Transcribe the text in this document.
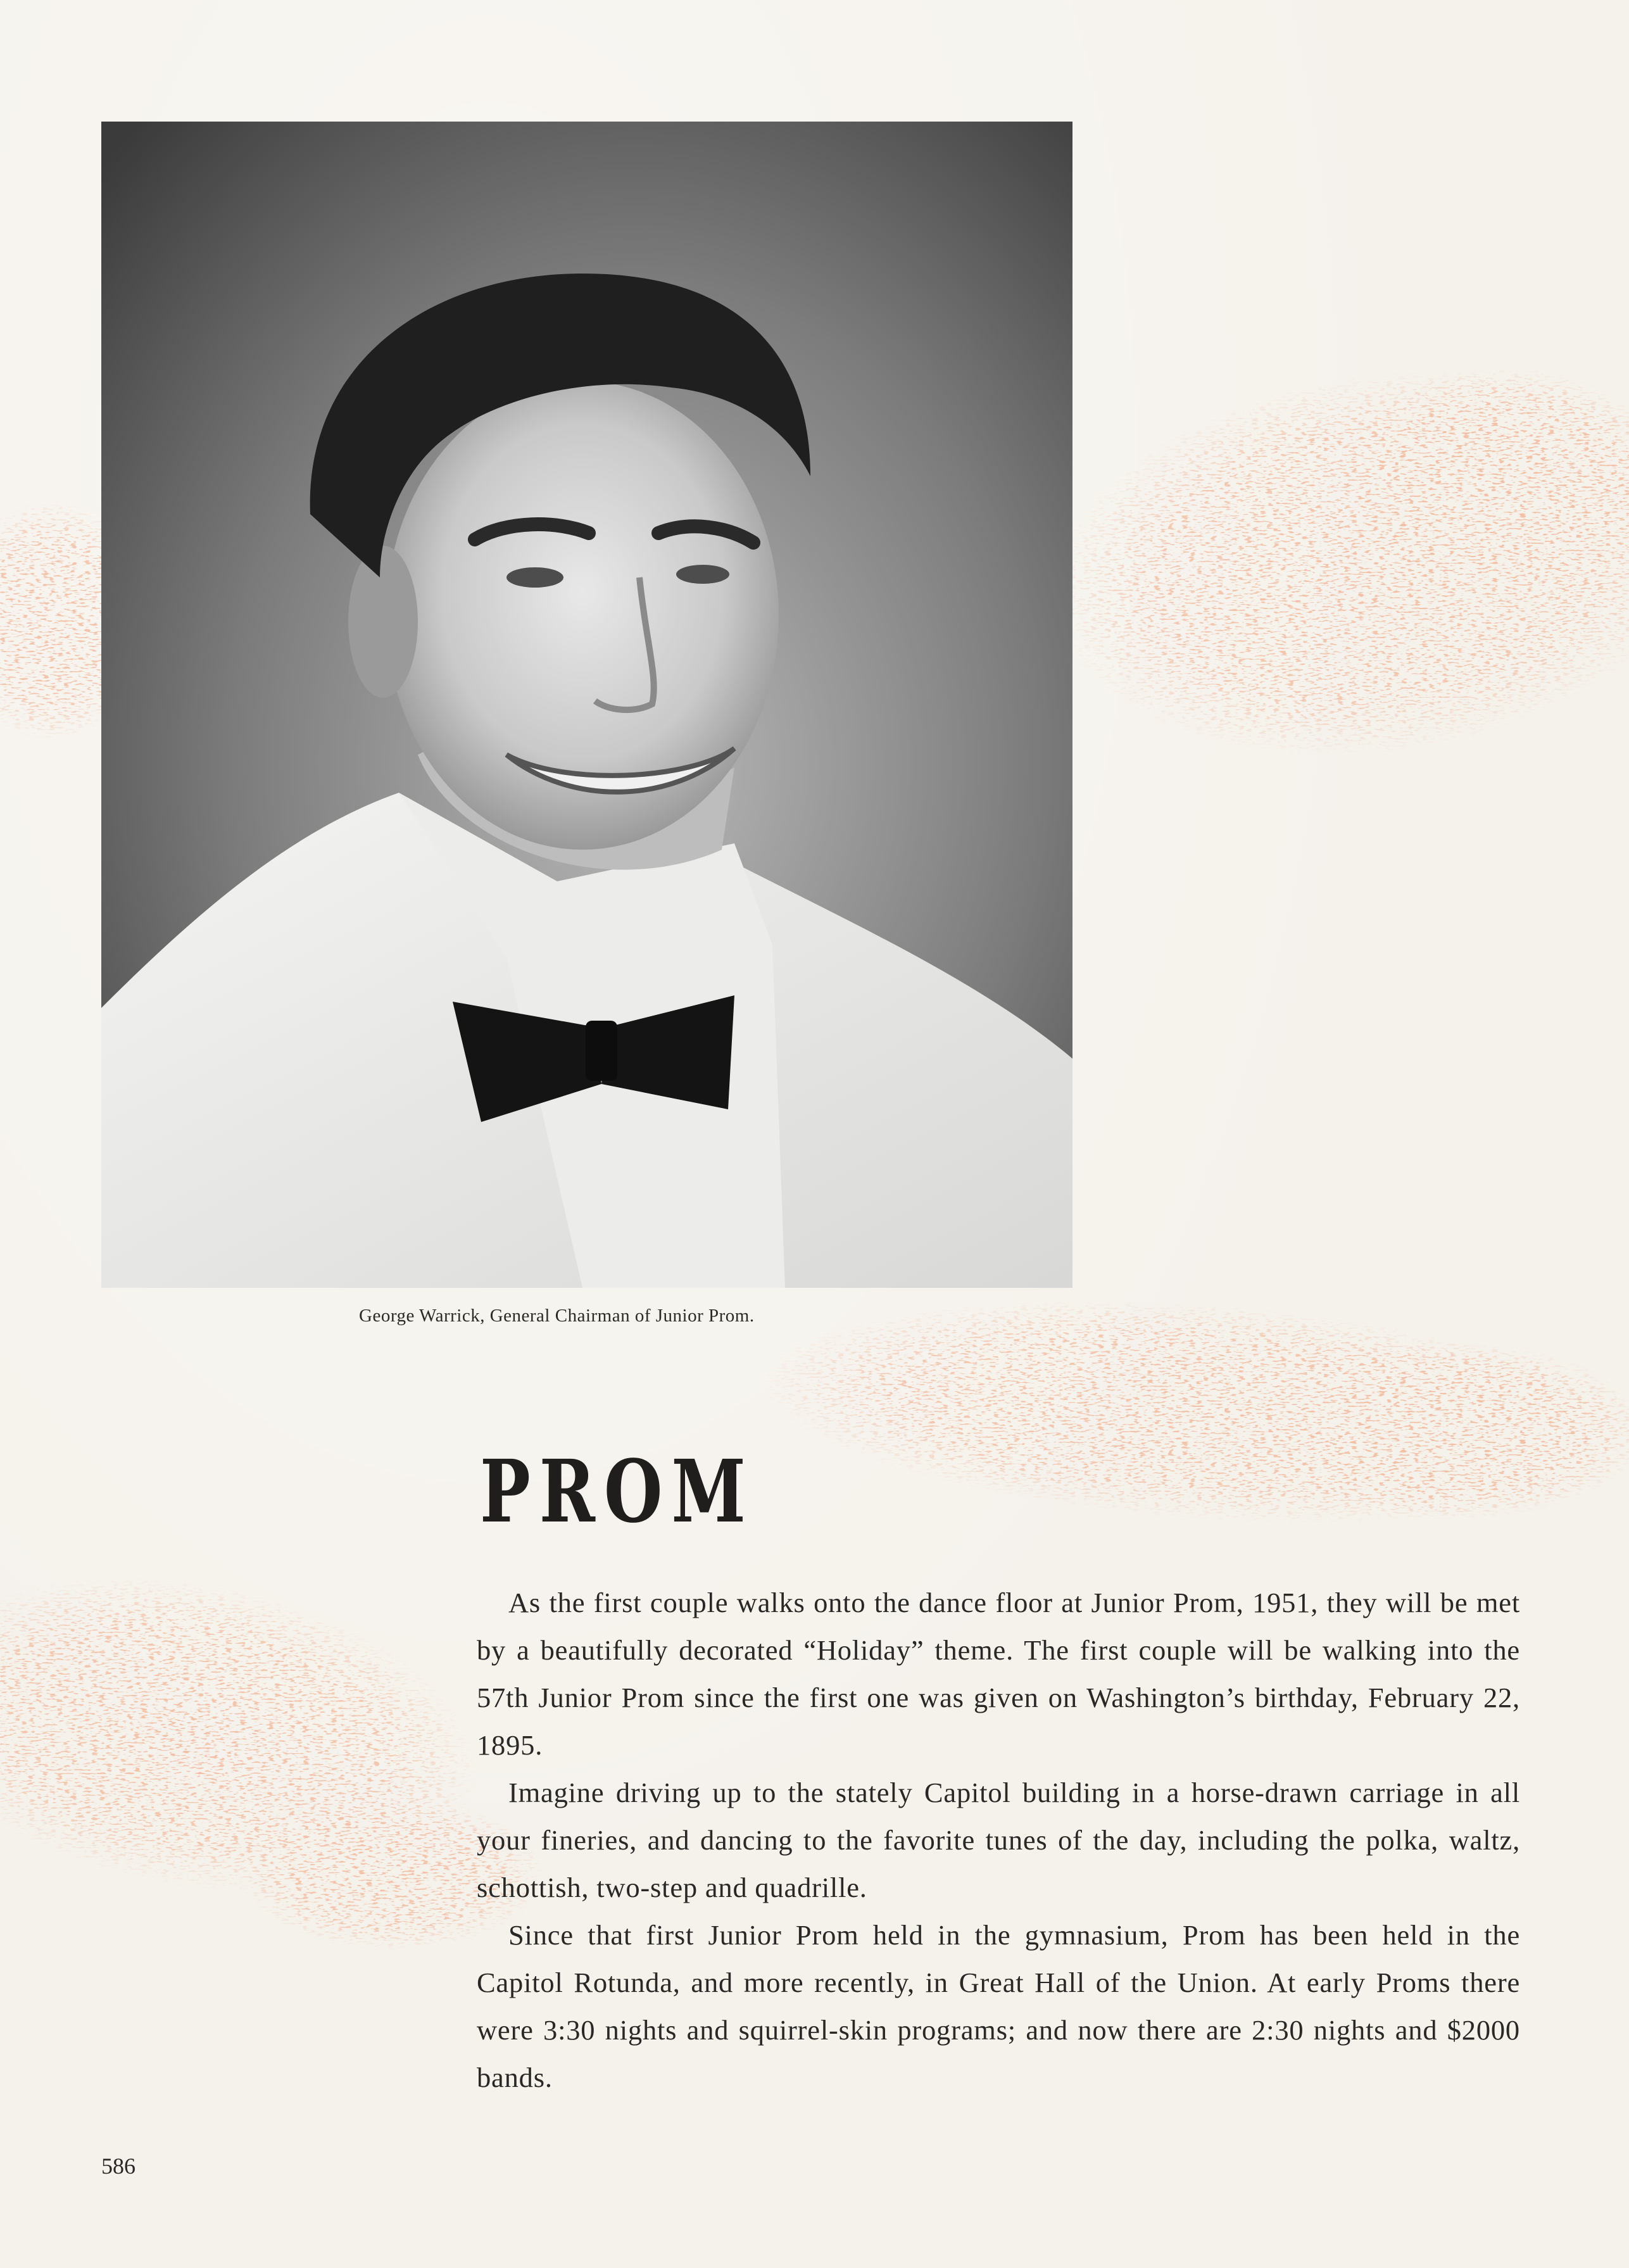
George Warrick, General Chairman of Junior Prom.
PROM

As the first couple walks onto the dance floor at Junior Prom, 1951, they will be met by a beautifully decorated “Holiday” theme. The first couple will be walking into the 57th Junior Prom since the first one was given on Washington’s birthday, February 22, 1895.

Imagine driving up to the stately Capitol building in a horse-drawn carriage in all your fineries, and dancing to the favorite tunes of the day, including the polka, waltz, schottish, two-step and quadrille.

Since that first Junior Prom held in the gymnasium, Prom has been held in the Capitol Rotunda, and more recently, in Great Hall of the Union. At early Proms there were 3:30 nights and squirrel-skin programs; and now there are 2:30 nights and $2000 bands.

586
